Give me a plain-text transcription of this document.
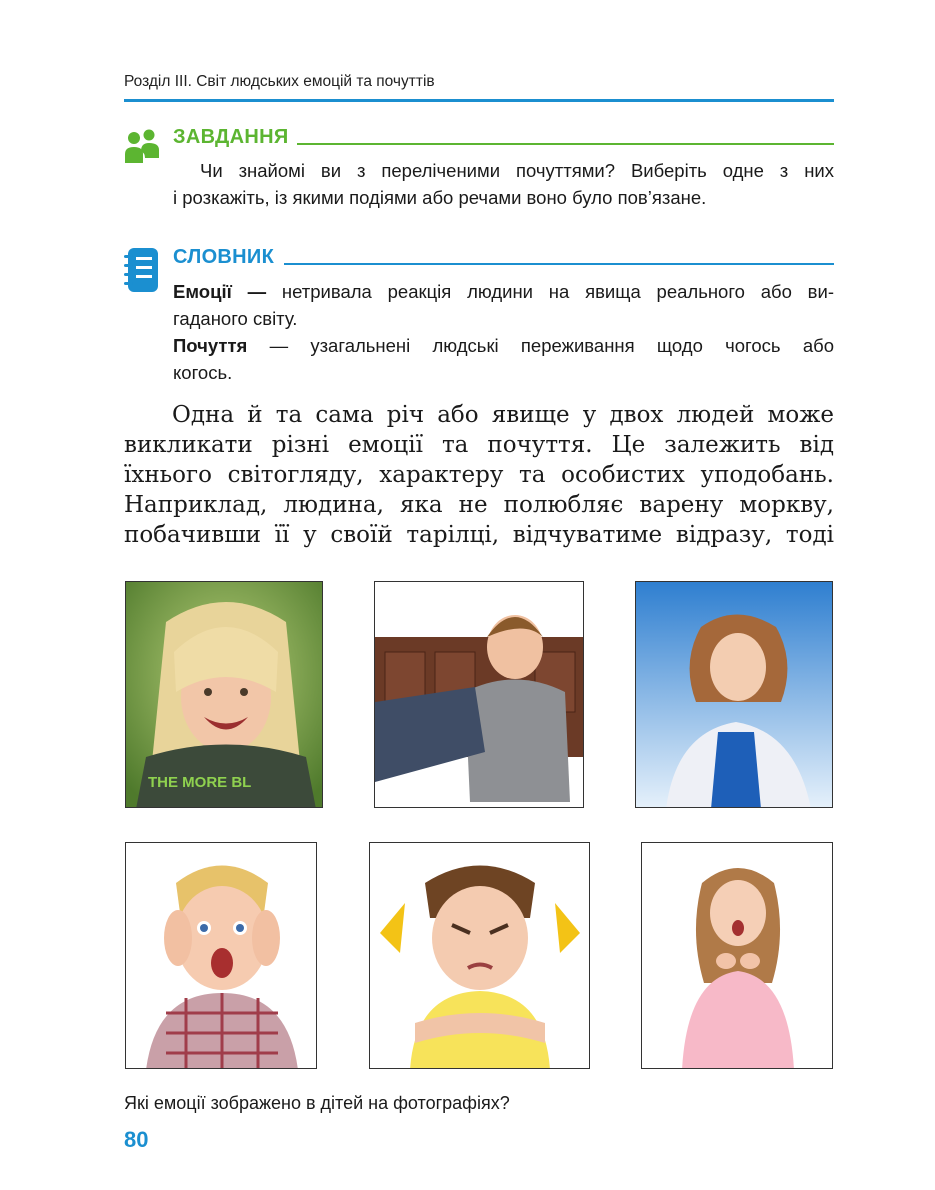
Розділ ІІІ. Світ людських емоцій та почуттів
ЗАВДАННЯ
Чи знайомі ви з переліченими почуттями? Виберіть одне з них
і розкажіть, із якими подіями або речами воно було пов’язане.
СЛОВНИК
Емоції — нетривала реакція людини на явища реального або ви-
гаданого світу.
Почуття — узагальнені людські переживання щодо чогось або
когось.
Одна й та сама річ або явище у двох людей може
викликати різні емоції та почуття. Це залежить від
їхнього світогляду, характеру та особистих уподобань.
Наприклад, людина, яка не полюбляє варену моркву,
побачивши її у своїй тарілці, відчуватиме відразу, тоді
THE MORE BL
Які емоції зображено в дітей на фотографіях?
80
